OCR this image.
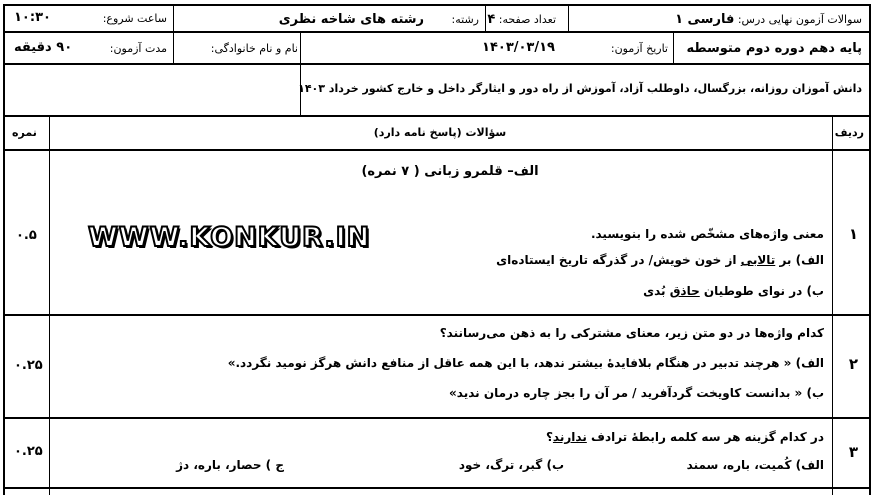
سوالات آزمون نهایی درس: فارسی ۱
تعداد صفحه: ۴
رشته: رشته های شاخه نظری
ساعت شروع:
۱۰:۳۰
پایه دهم دوره دوم متوسطه
تاریخ آزمون:
۱۴۰۳/۰۳/۱۹
نام و نام خانوادگی:
مدت آزمون:
۹۰ دقیقه
دانش آموزان روزانه، بزرگسال، داوطلب آزاد، آموزش از راه دور و ایثارگر داخل و خارج کشور خرداد ۱۴۰۳
ردیف
سؤالات (پاسخ نامه دارد)
نمره
الف– قلمرو زبانی ( ۷ نمره)
WWW.KONKUR.IN	۱
۰.۵	معنی واژه‌های مشخّص شده را بنویسید.
الف) بر تالابی از خون خویش/ در گذرگه تاریخ ایستاده‌ای
ب) در نوای طوطیان حاذق بُدی
۲
۰.۲۵
کدام واژه‌ها در دو متن زیر، معنای مشترکی را به ذهن می‌رسانند؟
الف) « هرچند تدبیر در هنگام بلافایدهٔ بیشتر ندهد، با این همه عاقل از منافع دانش هرگز نومید نگردد.»
ب) « بدانست کاویخت گردآفرید / مر آن را بجز چاره درمان ندید»
۳
۰.۲۵
در کدام گزینه هر سه کلمه رابطهٔ ترادف ندارند؟
الف) کُمیت، باره، سمند
ب) گبر، ترگ، خود
ج ) حصار، باره، دژ
